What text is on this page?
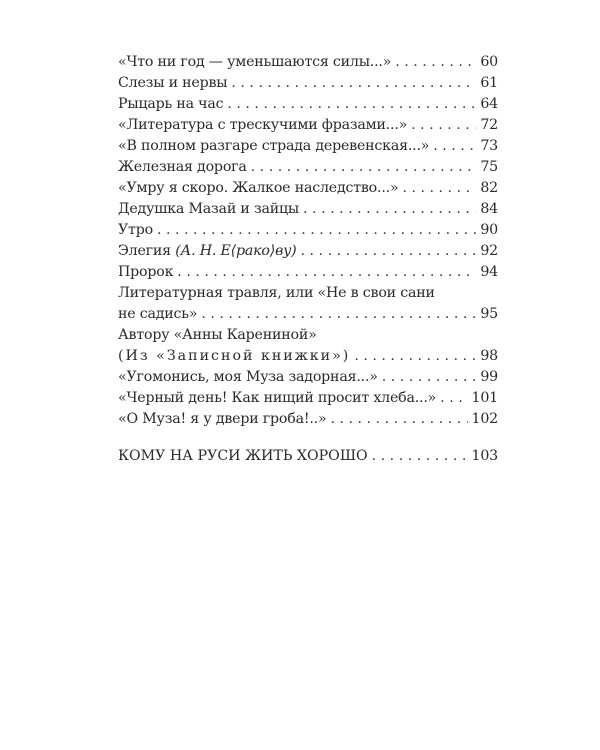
«Что ни год — уменьшаются силы...» . . .	60
Слезы и нервы . . .	61
Рыцарь на час . . .	64
«Литература с трескучими фразами...» . . .	72
«В полном разгаре страда деревенская...» . . .	73
Железная дорога . . .	75
«Умру я скоро. Жалкое наследство...» . . .	82
Дедушка Мазай и зайцы . . .	84
Утро . . .	90
Элегия (А. Н. Е⟨рако⟩ву) . . .	92
Пророк . . .	94
Литературная травля, или «Не в свои сани
не садись» . . .	95
Автору «Анны Карениной»
(Из «Записной книжки») . . .	98
«Угомонись, моя Муза задорная...» . . .	99
«Черный день! Как нищий просит хлеба...» . . . 101
«О Муза! я у двери гроба!..» . . .	102
КОМУ НА РУСИ ЖИТЬ ХОРОШО . . .	103
